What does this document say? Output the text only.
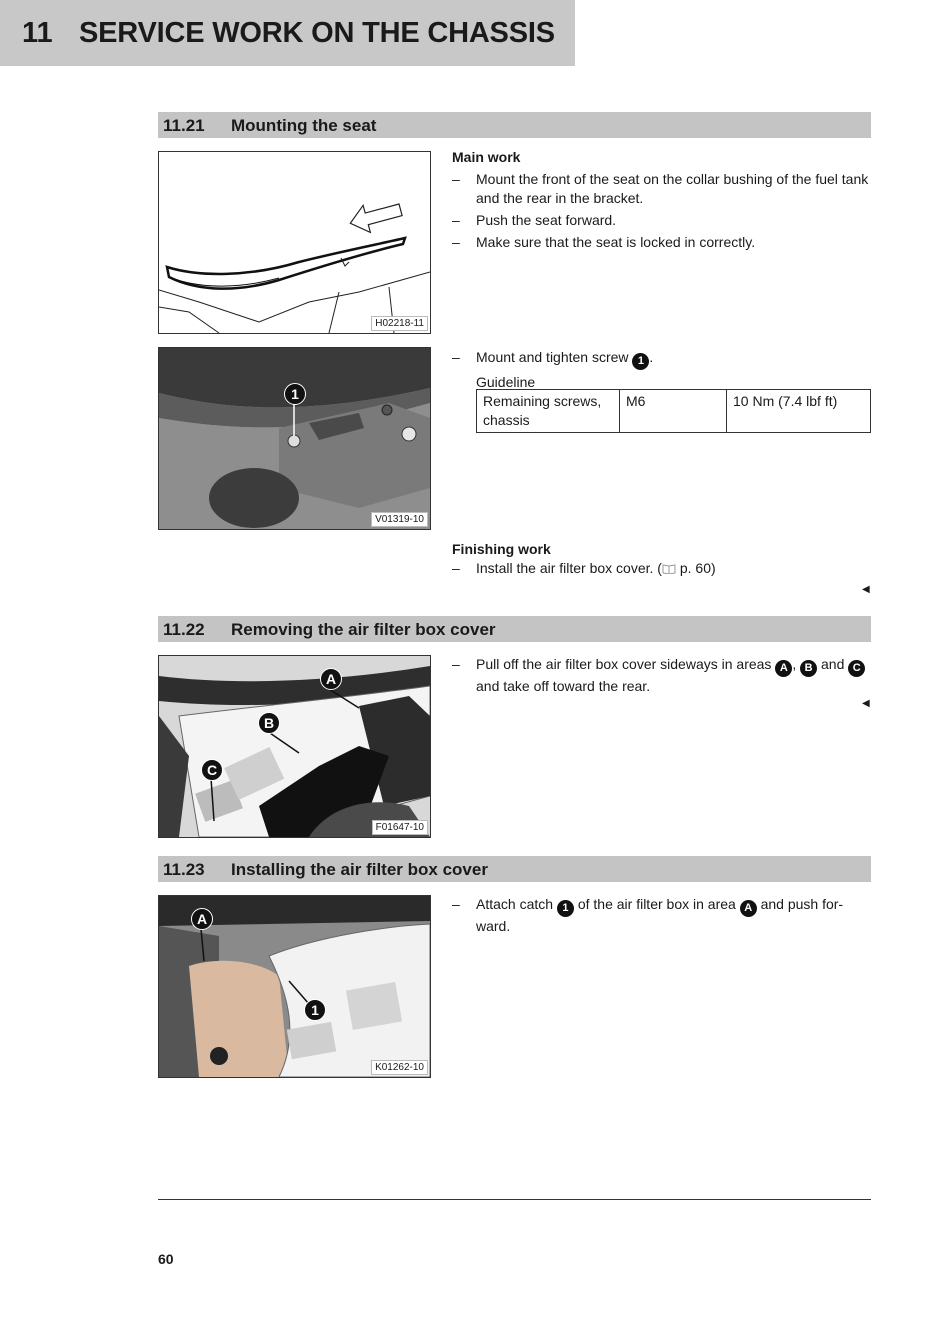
11 SERVICE WORK ON THE CHASSIS
11.21 Mounting the seat
H02218-11
1
V01319-10
Main work
– Mount the front of the seat on the collar bushing of the fuel tank and the rear in the bracket.
– Push the seat forward.
– Make sure that the seat is locked in correctly.
– Mount and tighten screw 1 .
Guideline
Remaining screws, chassis	M6	10 Nm (7.4 lbf ft)
Finishing work
– Install the air filter box cover. ( p. 60)
◀
11.22 Removing the air filter box cover
A
B
C
F01647-10
– Pull off the air filter box cover sideways in areas A , B and C and take off toward the rear.
◀
11.23 Installing the air filter box cover
A
1
K01262-10
– Attach catch 1 of the air filter box in area A and push for-ward.
60
